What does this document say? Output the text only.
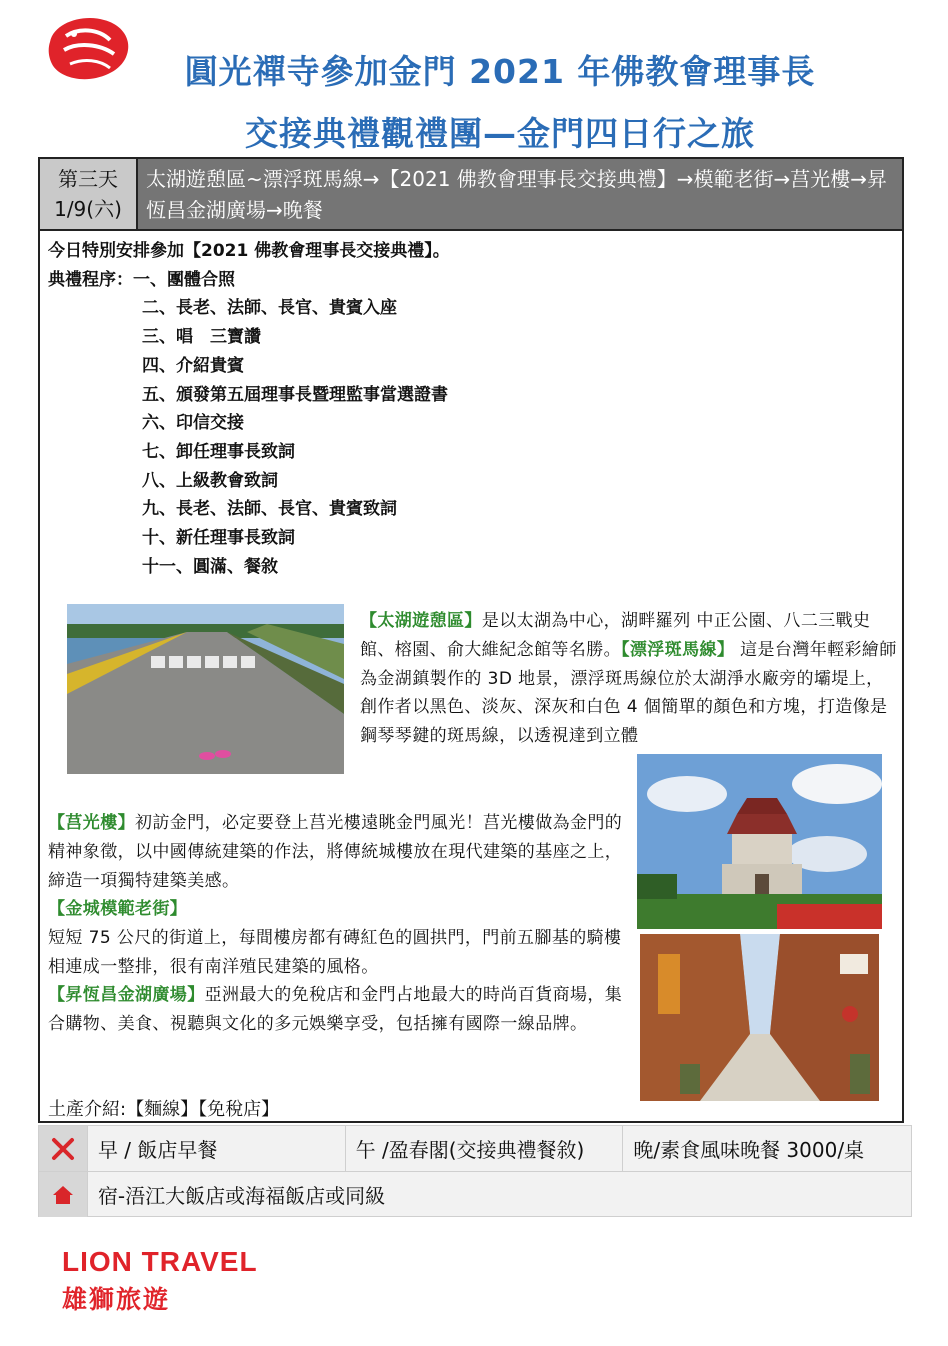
圓光禪寺參加金門 2021 年佛教會理事長
交接典禮觀禮團—金門四日行之旅
第三天
1/9(六)
太湖遊憩區~漂浮斑馬線→【2021 佛教會理事長交接典禮】→模範老街→莒光樓→昇恆昌金湖廣場→晚餐
今日特別安排參加【2021 佛教會理事長交接典禮】。
典禮程序：一、團體合照
二、長老、法師、長官、貴賓入座
三、唱　三寶讚
四、介紹貴賓
五、頒發第五屆理事長暨理監事當選證書
六、印信交接
七、卸任理事長致詞
八、上級教會致詞
九、長老、法師、長官、貴賓致詞
十、新任理事長致詞
十一、圓滿、餐敘
【太湖遊憩區】是以太湖為中心，湖畔羅列 中正公園、八二三戰史館、榕園、俞大維紀念館等名勝。【漂浮斑馬線】 這是台灣年輕彩繪師為金湖鎮製作的 3D 地景，漂浮斑馬線位於太湖淨水廠旁的壩堤上，創作者以黑色、淡灰、深灰和白色 4 個簡單的顏色和方塊，打造像是鋼琴琴鍵的斑馬線，以透視達到立體
【莒光樓】初訪金門，必定要登上莒光樓遠眺金門風光！莒光樓做為金門的精神象徵，以中國傳統建築的作法，將傳統城樓放在現代建築的基座之上，締造一項獨特建築美感。
【金城模範老街】
短短 75 公尺的街道上，每間樓房都有磚紅色的圓拱門，門前五腳基的騎樓相連成一整排，很有南洋殖民建築的風格。
【昇恆昌金湖廣場】亞洲最大的免稅店和金門占地最大的時尚百貨商場，集合購物、美食、視聽與文化的多元娛樂享受，包括擁有國際一線品牌。
土產介紹:【麵線】【免稅店】
早 / 飯店早餐	午 /盈春閣(交接典禮餐敘)	晚/素食風味晚餐 3000/桌
宿-浯江大飯店或海福飯店或同級
LION TRAVEL
雄獅旅遊
